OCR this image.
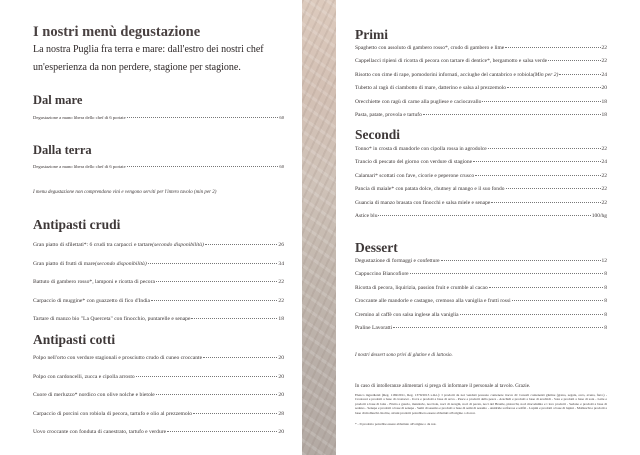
I nostri menù degustazione
La nostra Puglia fra terra e mare: dall'estro dei nostri chef
un'esperienza da non perdere, stagione per stagione.
Dal mare
Degustazione a mano libera dello chef di 6 portate	60
Dalla terra
Degustazione a mano libera dello chef di 6 portate	60
I menu degustazione non comprendono vini e vengono serviti per l'intero tavolo (min per 2)
Antipasti crudi
Gran piatto di sfilettati*: 6 crudi tra carpacci e tartare (secondo disponibilità)	26
Gran piatto di frutti di mare (secondo disponibilità)	34
Battuto di gambero rosso*, lamponi e ricotta di pecora	22
Carpaccio di muggine* con guazzetto di fico d'India	22
Tartare di manzo bio "La Querceta" con finocchio, puntarelle e senape	18
Antipasti cotti
Polpo nell'orto con verdure stagionali e prosciutto crudo di cuneo croccante	20
Polpo con cardoncelli, zucca e cipolla arrosto	20
Cuore di merluzzo* nordico con olive nolche e bietole	20
Carpaccio di porcini con robiola di pecora, tartufo e olio al prezzemolo	28
Uovo croccante con fonduta di canestrato, tartufo e verdure	20
Primi
Spaghetto con assoluto di gambero rosso*, crudo di gambero e lime	22
Cappellacci ripieni di ricotta di pecora con tartare di dentice*, bergamotto e salsa verde	22
Risotto con cime di rape, pomodorini infornati, acciughe del cantabrico e robiola (Min per 2)	24
Tubetto al ragù di ciambotto di mare, datterino e salsa al prezzemolo	20
Orecchiette con ragù di carne alla pugliese e caciocavallo	18
Pasta, patate, provola e tartufo	18
Secondi
Tonno* in crosta di mandorle con cipolla rossa in agrodolce	22
Trancio di pescato del giorno con verdure di stagione	24
Calamari* scottati con fave, cicorie e peperone crusco	22
Pancia di maiale* con patata dolce, chutney al mango e il suo fondo	22
Guancia di manzo brasata con finocchi e salsa miele e senape	22
Astice blu	100/hg
Dessert
Degustazione di formaggi e confetture	12
Cappuccino Biancofiore	8
Ricotta di pecora, liquirizia, passion fruit e crumble al cacao	8
Croccante alle mandorle e castagne, cremoso alla vaniglia e frutti rossi	8
Cremino al caffè con salsa inglese alla vaniglia	8
Praline Lavoratti	8
I nostri dessert sono privi di glutine e di lattosio.
In caso di intolleranze alimentari si prega di informare il personale al tavolo. Grazie.
Elenco ingredienti (Reg. 1169/2011, Reg. 1379/2013 s.m.i.): I prodotti da noi venduti possono contenere tracce di: Cereali contenenti glutine (grano, segale, orzo, avena, farro) - Crostacei e prodotti a base di crostacei - Uova e prodotti a base di uova - Pesce e prodotti della pesca - Arachidi e prodotti a base di arachidi - Soia e prodotti a base di soia - Latte e prodotti a base di latte - Frutta a guscio, mandorle, nocciole, noci di Acagiù, noci di pecan, noci del Brasile, pistacchi, noci macadamia e i loro prodotti - Sedano e prodotti a base di sedano - Senape e prodotti a base di senape - Semi di sesamo e prodotti a base di semi di sesamo - Anidride solforosa e solfiti - Lupini e prodotti a base di lupini - Molluschi e prodotti a base di molluschi. Inoltre, alcuni prodotti potrebbero essere abbattuti all'origine o da noi.
* - Il prodotto potrebbe essere abbattuto all'origine o da noi.
